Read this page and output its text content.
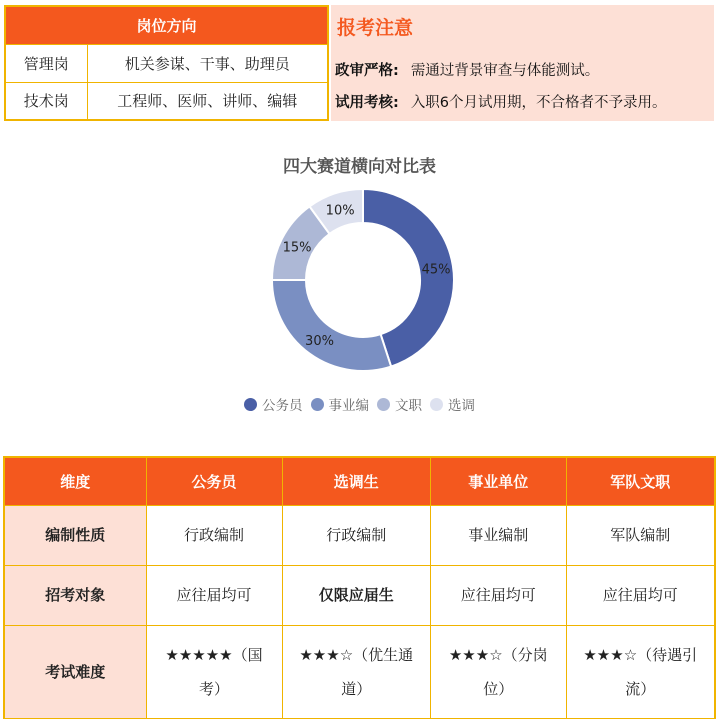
岗位方向	
管理岗	机关参谋、干事、助理员
技术岗	工程师、医师、讲师、编辑
报考注意
政审严格: 需通过背景审查与体能测试。
试用考核: 入职6个月试用期，不合格者不予录用。
四大赛道横向对比表
45%
30%
15%
10%
公务员 事业编 文职 选调
维度	公务员	选调生	事业单位	军队文职
编制性质	行政编制	行政编制	事业编制	军队编制
招考对象	应往届均可	仅限应届生	应往届均可	应往届均可
考试难度	★★★★★（国考）	★★★☆（优生通道）	★★★☆（分岗位）	★★★☆（待遇引流）
